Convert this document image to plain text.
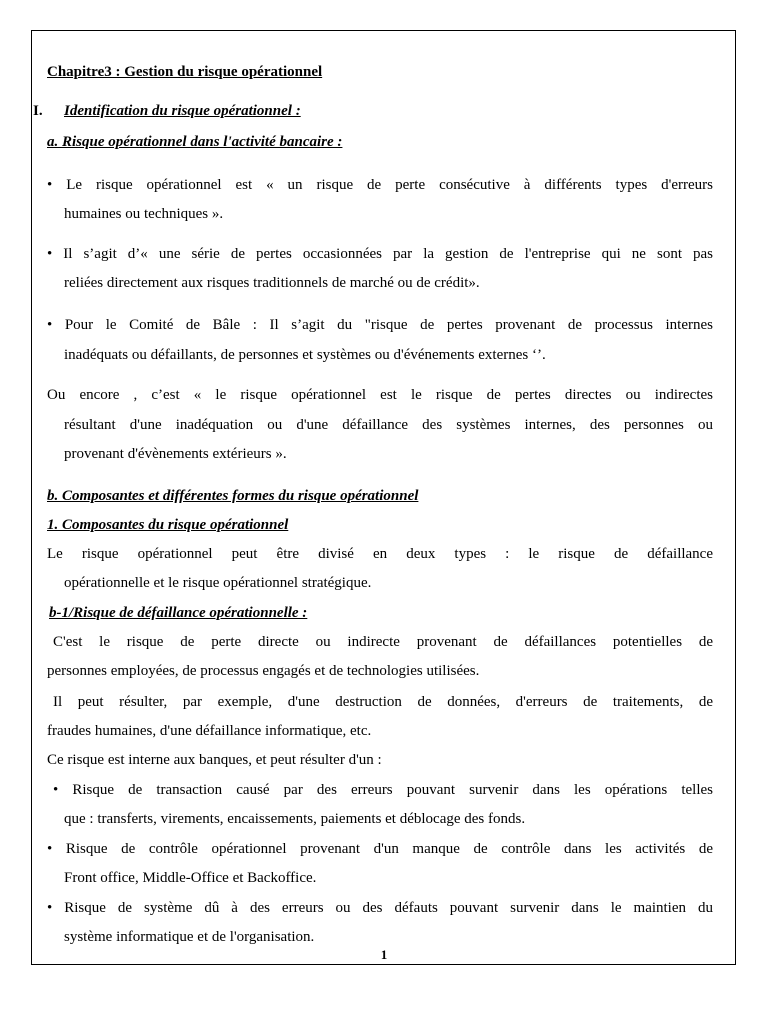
Chapitre3 : Gestion du risque opérationnel
I. Identification du risque opérationnel :
a. Risque opérationnel dans l'activité bancaire :
• Le risque opérationnel est « un risque de perte consécutive à différents types d'erreurs
humaines ou techniques ».
• Il s’agit d’« une série de pertes occasionnées par la gestion de l'entreprise qui ne sont pas
reliées directement aux risques traditionnels de marché ou de crédit».
• Pour le Comité de Bâle : Il s’agit du "risque de pertes provenant de processus internes
inadéquats ou défaillants, de personnes et systèmes ou d'événements externes ‘’.
Ou encore , c’est « le risque opérationnel est le risque de pertes directes ou indirectes
résultant d'une inadéquation ou d'une défaillance des systèmes internes, des personnes ou
provenant d'évènements extérieurs ».
b. Composantes et différentes formes du risque opérationnel
1. Composantes du risque opérationnel
Le risque opérationnel peut être divisé en deux types : le risque de défaillance
opérationnelle et le risque opérationnel stratégique.
b-1/Risque de défaillance opérationnelle :
C'est le risque de perte directe ou indirecte provenant de défaillances potentielles de
personnes employées, de processus engagés et de technologies utilisées.
Il peut résulter, par exemple, d'une destruction de données, d'erreurs de traitements, de
fraudes humaines, d'une défaillance informatique, etc.
Ce risque est interne aux banques, et peut résulter d'un :
• Risque de transaction causé par des erreurs pouvant survenir dans les opérations telles
que : transferts, virements, encaissements, paiements et déblocage des fonds.
• Risque de contrôle opérationnel provenant d'un manque de contrôle dans les activités de
Front office, Middle-Office et Backoffice.
• Risque de système dû à des erreurs ou des défauts pouvant survenir dans le maintien du
système informatique et de l'organisation.
1
